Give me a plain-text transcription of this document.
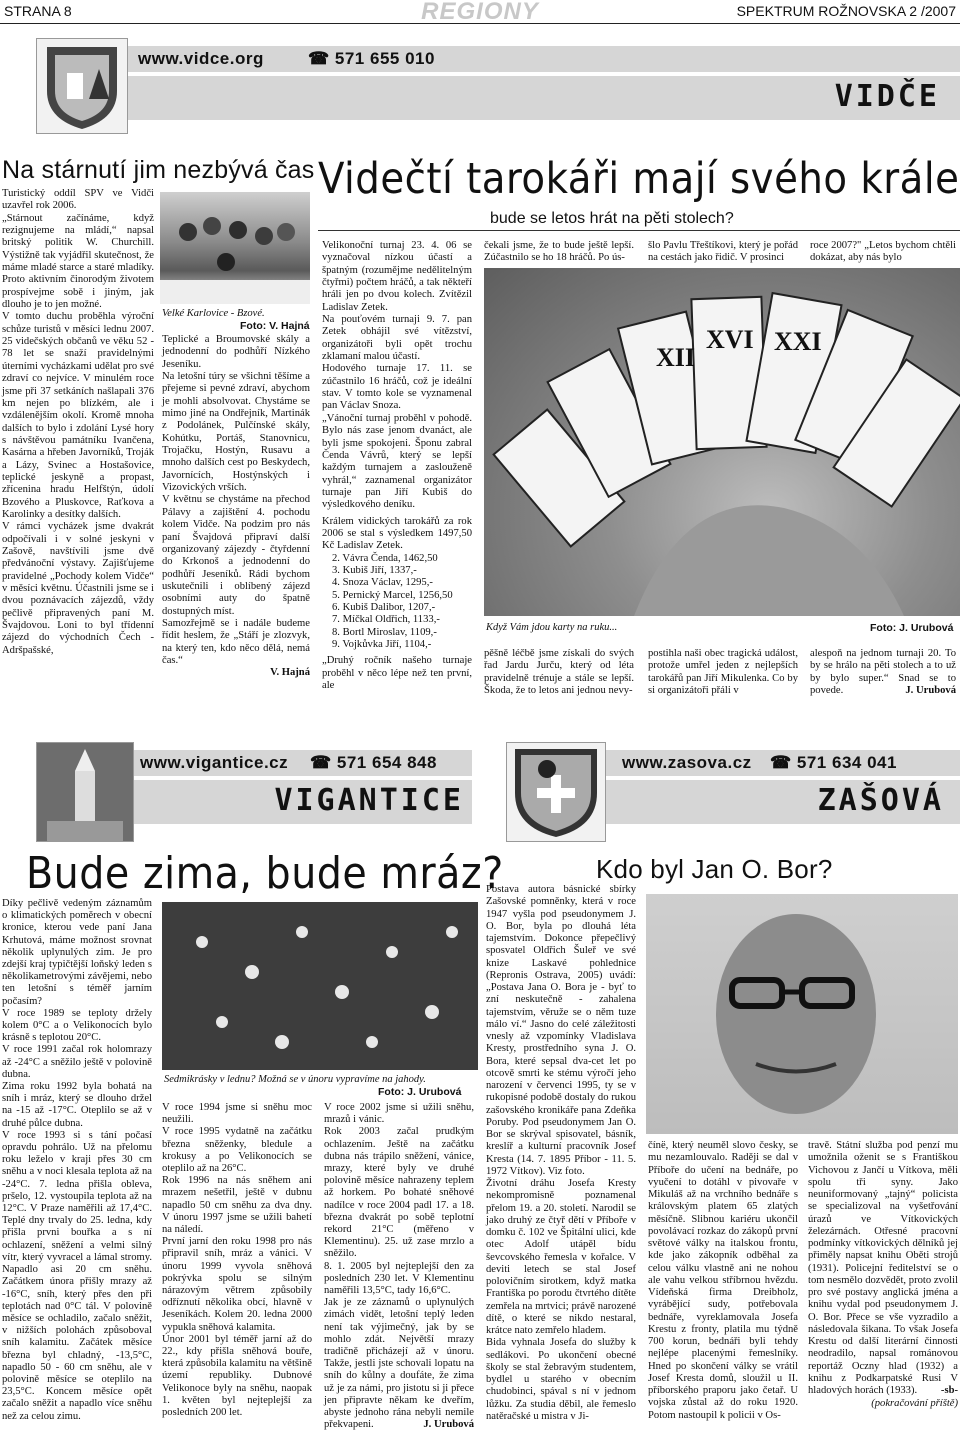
STRANA 8	REGIONY	SPEKTRUM ROŽNOVSKA 2 /2007
www.vidce.org	☎ 571 655 010
VIDČE
Na stárnutí jim nezbývá čas

Turistický oddíl SPV ve Vidči uzavřel rok 2006.

„Stárnout začínáme, když rezignujeme na mládí,“ napsal britský politik W. Churchill. Výstižně tak vyjádřil skutečnost, že máme mladé starce a staré mladíky. Proto aktivním činorodým životem prospívejme sobě i jiným, jak dlouho je to jen možné.

V tomto duchu proběhla výroční schůze turistů v měsíci lednu 2007. 25 videčských občanů ve věku 52 - 78 let se snaží pravidelnými úterními vycházkami udělat pro své zdraví co nejvíce. V minulém roce jsme při 37 setkáních našlapali 376 km nejen po blízkém, ale i vzdálenějším okolí. Kromě mnoha dalších to bylo i zdolání Lysé hory s návštěvou památníku Ivančena, Kasárna a hřeben Javorníků, Troják a Lázy, Svinec a Hostašovice, teplické jeskyně a propast, zřícenina hradu Helfštýn, údolí Bzového a Pluskovce, Raťkova a Karolinky a desítky dalších.

V rámci vycházek jsme dvakrát odpočívali i v solné jeskyni v Zašově, navštívili jsme dvě předvánoční výstavy. Zajišťujeme pravidelné „Pochody kolem Vidče“ v měsíci květnu. Účastnili jsme se i dvou poznávacích zájezdů, vždy pečlivě připravených paní M. Švajdovou. Loni to byl třídenní zájezd do východních Čech - Adršpašské,

Velké Karlovice - Bzové.
Foto: V. Hajná

Teplické a Broumovské skály a jednodenní do podhůří Nízkého Jeseníku.

Na letošní túry se všichni těšíme a přejeme si pevné zdraví, abychom je mohli absolvovat. Chystáme se mimo jiné na Ondřejník, Martinák z Podolánek, Pulčínské skály, Kohútku, Portáš, Stanovnicu, Trojačku, Hostýn, Rusavu a mnoho dalších cest po Beskydech, Javornících, Hostýnských i Vizovických vrších.

V květnu se chystáme na přechod Pálavy a zajištění 4. pochodu kolem Vidče. Na podzim pro nás paní Švajdová připraví další organizovaný zájezdy - čtyřdenní do Krkonoš a jednodenní do podhůří Jeseníků. Rádi bychom uskutečnili i oblíbený zájezd osobními auty do špatně dostupných míst.

Samozřejmě se i nadále budeme řídit heslem, že „Stáří je zlozvyk, na který ten, kdo něco dělá, nemá čas.“

V. Hajná

Videčtí tarokáři mají svého krále
bude se letos hrát na pěti stolech?

Velikonoční turnaj 23. 4. 06 se vyznačoval nízkou účastí a špatným (rozumějme nedělitelným čtyřmi) počtem hráčů, a tak někteří hráli jen po dvou kolech. Zvítězil Ladislav Zetek.

Na pouťovém turnaji 9. 7. pan Zetek obhájil své vítězství, organizátoři byli opět trochu zklamaní malou účastí.

Hodového turnaje 17. 11. se zúčastnilo 16 hráčů, což je ideální stav. V tomto kole se vyznamenal pan Václav Snoza.

„Vánoční turnaj proběhl v pohodě. Bylo nás zase jenom dvanáct, ale byli jsme spokojeni. Šponu zabral Čenda Vávrů, který se lepší každým turnajem a zaslouženě vyhrál,“ zaznamenal organizátor turnaje pan Jiří Kubiš do výsledkového deníku.

Králem vidických tarokářů za rok 2006 se stal s výsledkem 1497,50 Kč Ladislav Zetek.

2. Vávra Čenda, 1462,50

3. Kubiš Jiří, 1337,-

4. Snoza Václav, 1295,-

5. Pernický Marcel, 1256,50

6. Kubiš Dalibor, 1207,-

7. Míčkal Oldřich, 1133,-

8. Bortl Miroslav, 1109,-

9. Vojkůvka Jiří, 1104,-

„Druhý ročník našeho turnaje proběhl v něco lépe než ten první, ale

čekali jsme, že to bude ještě lepší. Zúčastnilo se ho 18 hráčů. Po ús-
šlo Pavlu Třeštíkovi, který je pořád na cestách jako řidič. V prosinci
roce 2007?" „Letos bychom chtěli dokázat, aby nás bylo
XVI XXI
XII
Když Vám jdou karty na ruku...	Foto: J. Urubová
pěšně léčbě jsme získali do svých řad Jardu Jurču, který od léta pravidelně trénuje a stále se lepší. Škoda, že to letos ani jednou nevy-
postihla naši obec tragická událost, protože umřel jeden z nejlepších tarokářů pan Jiří Mikulenka. Co by si organizátoři přáli v

alespoň na jednom turnaji 20. To by se hrálo na pěti stolech a to už by bylo super.“ Snad se to povede.	J. Urubová

www.vigantice.cz ☎ 571 654 848
VIGANTICE
www.zasova.cz ☎ 571 634 041
ZAŠOVÁ
Bude zima, bude mráz?

Díky pečlivě vedeným záznamům o klimatických poměrech v obecní kronice, kterou vede paní Jana Krhutová, máme možnost srovnat několik uplynulých zim. Je pro zdejší kraj typičtější loňský leden s několikametrovými závějemi, nebo ten letošní s téměř jarním počasím?

V roce 1989 se teploty držely kolem 0°C a o Velikonocích bylo krásně s teplotou 20°C.

V roce 1991 začal rok holomrazy až -24°C a sněžilo ještě v polovině dubna.

Zima roku 1992 byla bohatá na sníh i mráz, který se dlouho držel na -15 až -17°C. Oteplilo se až v druhé půlce dubna.

V roce 1993 si s tání počasí opravdu pohrálo. Už na přelomu roku leželo v kraji přes 30 cm sněhu a v noci klesala teplota až na -24°C. 7. ledna přišla obleva, pršelo, 12. vystoupila teplota až na 12°C. V Praze naměřili až 17,4°C. Teplé dny trvaly do 25. ledna, kdy přišla prvni bouřka a s ní ochlazení, sněžení a velmi silný vítr, který vyvracel a lámal stromy. Napadlo asi 20 cm sněhu. Začátkem února přišly mrazy až -16°C, sníh, který přes den při teplotách nad 0°C tál. V polovině měsíce se ochladilo, začalo sněžit, v nižších polohách způsoboval sníh kalamitu. Začátek měsíce března byl chladný, -13,5°C, napadlo 50 - 60 cm sněhu, ale v polovině měsíce se oteplilo na 23,5°C. Koncem měsíce opět začalo sněžit a napadlo více sněhu než za celou zimu.

Sedmikrásky v lednu? Možná se v únoru vypravíme na jahody.
Foto: J. Urubová

V roce 1994 jsme si sněhu moc neužili.

V roce 1995 vydatně na začátku března sněženky, bledule a krokusy a po Velikonocích se oteplilo až na 26°C.

Rok 1996 na nás sněhem ani mrazem nešetřil, ještě v dubnu napadlo 50 cm sněhu za dva dny. V únoru 1997 jsme se užili bahetí na náledí.

První jarní den roku 1998 pro nás připravil sníh, mráz a vánici. V únoru 1999 vyvola sněhová pokrývka spolu se silným nárazovým větrem způsobily odříznutí několika obcí, hlavně v Jeseníkách. Kolem 20. ledna 2000 vypukla sněhová kalamita.

Únor 2001 byl téměř jarní až do 22., kdy přišla sněhová bouře, která způsobila kalamitu na většině území republiky. Dubnové Velikonoce byly na sněhu, naopak 1. květen byl nejteplejší za posledních 200 let.

V roce 2002 jsme si užili sněhu, mrazů i vánic.

Rok 2003 začal prudkým ochlazením. Ještě na začátku dubna nás trápilo sněžení, vánice, mrazy, které byly ve druhé polovině měsíce nahrazeny teplem až horkem. Po bohaté sněhové nadílce v roce 2004 padl 17. a 18. března dvakrát po sobě teplotní rekord 21°C (měřeno v Klementinu). 25. už zase mrzlo a sněžilo.

8. 1. 2005 byl nejteplejší den za posledních 230 let. V Klementinu naměřili 13,5°C, tady 16,6°C.

Jak je ze záznamů o uplynulých zimách vidět, letošní teplý leden není tak výjimečný, jak by se mohlo zdát. Největší mrazy tradičně přicházejí až v únoru. Takže, jestli jste schovali lopatu na sníh do kůlny a doufáte, že zima už je za námi, pro jistotu si ji přece jen připravte někam ke dveřím, abyste jednoho rána nebyli nemile překvapeni.	J. Urubová

Kdo byl Jan O. Bor?

Postava autora básnické sbírky Zašovské pomněnky, která v roce 1947 vyšla pod pseudonymem J. O. Bor, byla po dlouhá léta tajemstvím. Dokonce přepečlivý sposvatel Oldřich Šuleř ve své knize Laskavé pohlednice (Repronis Ostrava, 2005) uvádí: „Postava Jana O. Bora je - byť to zní neskutečně - zahalena tajemstvím, věruže se o něm tuze málo ví.“ Jasno do celé záležitosti vnesly až vzpomínky Vladislava Kresty, prostředního syna J. O. Bora, které sepsal dva-cet let po otcově smrti ke stému výročí jeho narození v červenci 1995, ty se v rukopisné podobě dostaly do rukou zašovského kronikáře pana Zdeňka Poruby. Pod pseudonymem Jan O. Bor se skrýval spisovatel, básník, kreslíř a kulturní pracovník Josef Kresta (14. 7. 1895 Příbor - 11. 5. 1972 Vítkov). Viz foto.

Životní dráhu Josefa Kresty nekompromisně poznamenal přelom 19. a 20. století. Narodil se jako druhý ze čtyř dětí v Příboře v domku č. 102 ve Špitální ulici, kde otec Adolf utápěl bídu ševcovského řemesla v kořalce. V deviti letech se stal Josef polovičním sirotkem, když matka Františka po porodu čtvrtého dítěte zemřela na mrtvici; právě narozené dítě, o které se nikdo nestaral, krátce nato zemřelo hladem.

Bida vyhnala Josefa do služby k sedlákovi. Po ukončení obecné školy se stal žebravým studentem, bydlel u starého v obecním chudobinci, spával s ní v jednom lůžku. Za studia děbil, ale řemeslo natěračské u mistra v Ji-

čínë, který neuměl slovo česky, se mu nezamlouvalo. Raději se dal v Příboře do učení na bednáře, po vyučení to dotáhl v pivovaře v Mikuláš až na vrchního bednáře s královským platem 65 zlatých měsíčně. Slibnou kariéru ukončil povolávací rozkaz do zákopů první světové války na italskou frontu, kde jako zákopník odběhal za celou válku vlastně ani ne nohou ale vahu velkou stříbrnou hvězdu. Vídeňská firma Dreibholz, vyrábějící sudy, potřebovala bednáře, vyreklamovala Josefa Krestu z fronty, platila mu týdně 700 korun, bednáři byli tehdy nejlépe placenými řemeslníky. Hned po skončení války se vrátil Josef Kresta domů, sloužil u II. příborského praporu jako četař. U vojska zůstal až do roku 1920. Potom nastoupil k policii v Os-

travě. Státní služba pod penzí mu umožnila oženit se s Františkou Vichovou z Jančí u Vítkova, měli spolu tři syny. Jako neuniformovaný „tajný“ policista se specializoval na vyšetřování úrazů ve Vítkovických železárnách. Otřesné pracovní podmínky vítkovických dělníků jej přiměly napsat knihu Oběti strojů (1931). Policejní ředitelství se o tom nesmělo dozvědět, proto zvolil pro své postavy anglická jména a knihu vydal pod pseudonymem J. O. Bor. Přece se vše vyzradilo a následovala šikana. To však Josefa Krestu od další literární činnosti neodradilo, napsal románovou reportáž Oczny hlad (1932) a knihu z Podkarpatské Rusi V hladových horách (1933).	-sb-

(pokračování příště)
